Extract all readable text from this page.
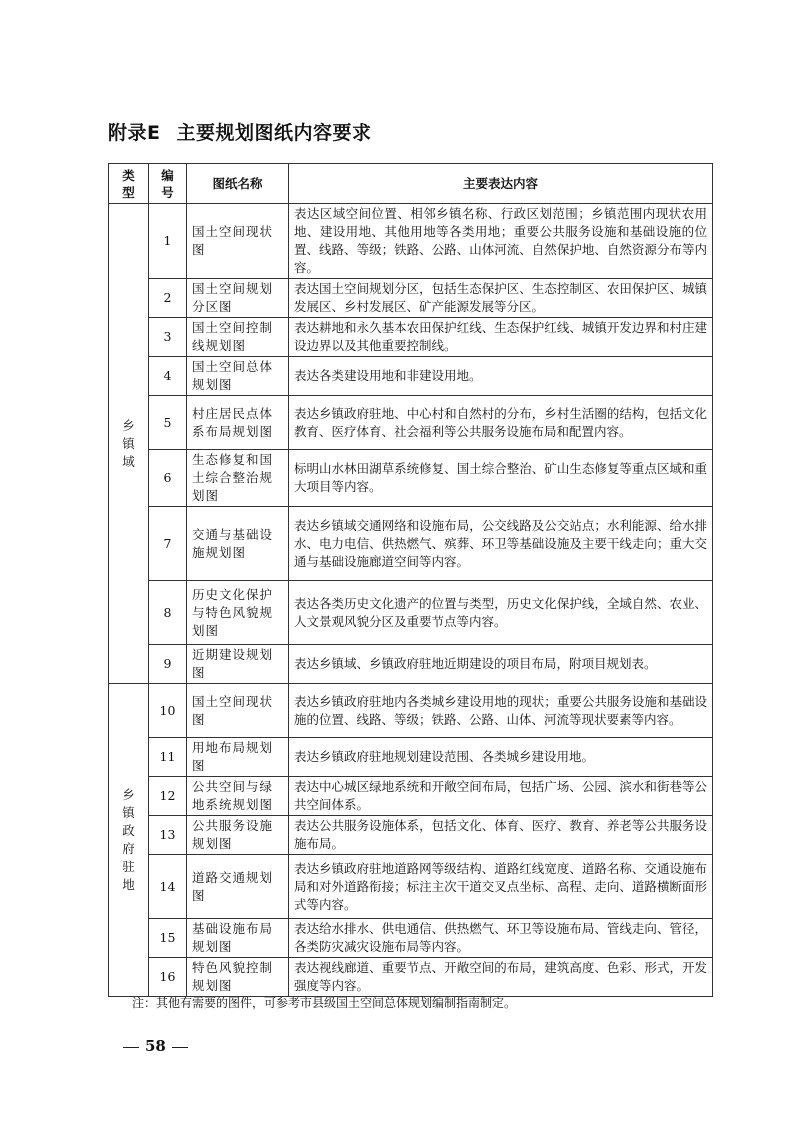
附录E 主要规划图纸内容要求
类型	编号	图纸名称	主要表达内容

乡镇域	1	国土空间现状图	表达区域空间位置、相邻乡镇名称、行政区划范围；乡镇范围内现状农用地、建设用地、其他用地等各类用地；重要公共服务设施和基础设施的位置、线路、等级；铁路、公路、山体河流、自然保护地、自然资源分布等内容。
	2	国土空间规划分区图	表达国土空间规划分区，包括生态保护区、生态控制区、农田保护区、城镇发展区、乡村发展区、矿产能源发展等分区。
	3	国土空间控制线规划图	表达耕地和永久基本农田保护红线、生态保护红线、城镇开发边界和村庄建设边界以及其他重要控制线。
	4	国土空间总体规划图	表达各类建设用地和非建设用地。
	5	村庄居民点体系布局规划图	表达乡镇政府驻地、中心村和自然村的分布，乡村生活圈的结构，包括文化教育、医疗体育、社会福利等公共服务设施布局和配置内容。
	6	生态修复和国土综合整治规划图	标明山水林田湖草系统修复、国土综合整治、矿山生态修复等重点区域和重大项目等内容。
	7	交通与基础设施规划图	表达乡镇域交通网络和设施布局，公交线路及公交站点；水利能源、给水排水、电力电信、供热燃气、殡葬、环卫等基础设施及主要干线走向；重大交通与基础设施廊道空间等内容。
	8	历史文化保护与特色风貌规划图	表达各类历史文化遗产的位置与类型，历史文化保护线，全域自然、农业、人文景观风貌分区及重要节点等内容。
	9	近期建设规划图	表达乡镇域、乡镇政府驻地近期建设的项目布局，附项目规划表。

乡镇政府驻地	10	国土空间现状图	表达乡镇政府驻地内各类城乡建设用地的现状；重要公共服务设施和基础设施的位置、线路、等级；铁路、公路、山体、河流等现状要素等内容。
	11	用地布局规划图	表达乡镇政府驻地规划建设范围、各类城乡建设用地。
	12	公共空间与绿地系统规划图	表达中心城区绿地系统和开敞空间布局，包括广场、公园、滨水和街巷等公共空间体系。
	13	公共服务设施规划图	表达公共服务设施体系，包括文化、体育、医疗、教育、养老等公共服务设施布局。
	14	道路交通规划图	表达乡镇政府驻地道路网等级结构、道路红线宽度、道路名称、交通设施布局和对外道路衔接；标注主次干道交叉点坐标、高程、走向、道路横断面形式等内容。
	15	基础设施布局规划图	表达给水排水、供电通信、供热燃气、环卫等设施布局、管线走向、管径，各类防灾减灾设施布局等内容。
	16	特色风貌控制规划图	表达视线廊道、重要节点、开敞空间的布局，建筑高度、色彩、形式，开发强度等内容。
注：其他有需要的图件，可参考市县级国土空间总体规划编制指南制定。
58
